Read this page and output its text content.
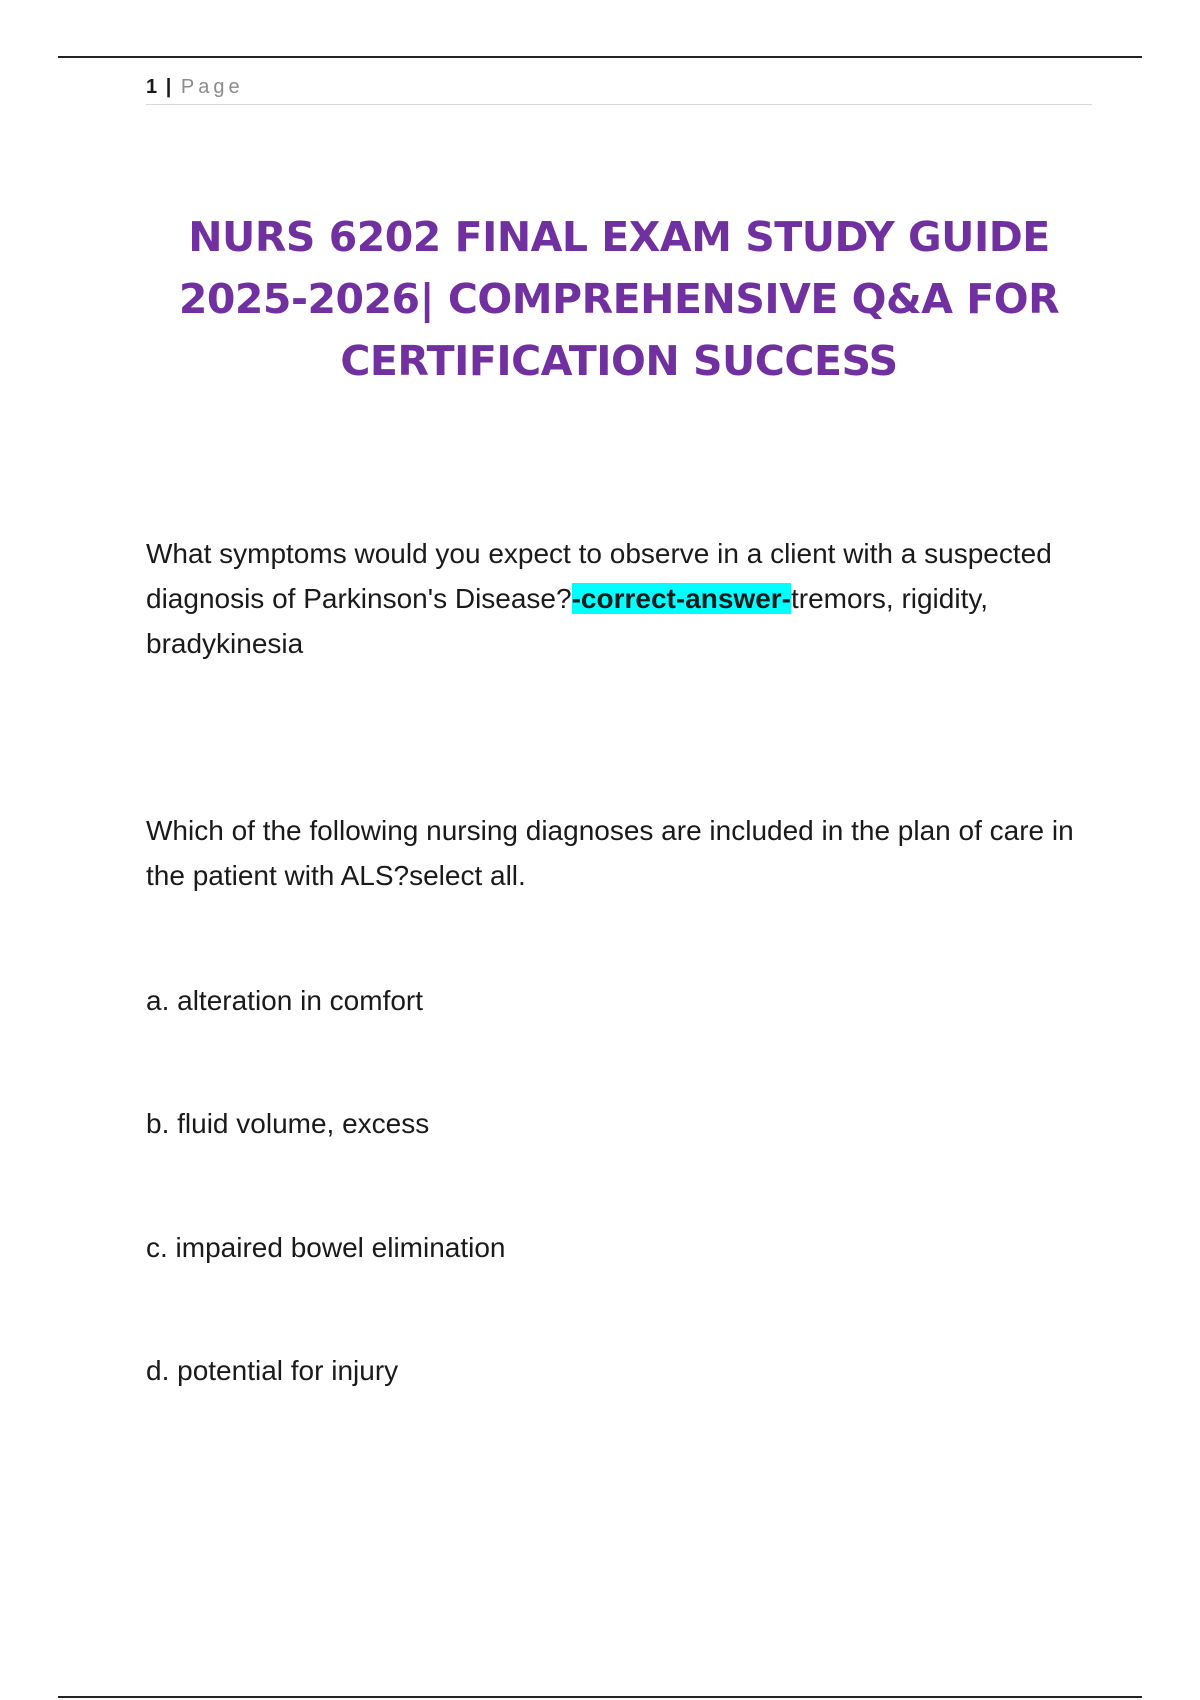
1 | Page
NURS 6202 FINAL EXAM STUDY GUIDE 2025-2026| COMPREHENSIVE Q&A FOR CERTIFICATION SUCCESS

What symptoms would you expect to observe in a client with a suspected diagnosis of Parkinson's Disease?-correct-answer-tremors, rigidity, bradykinesia

Which of the following nursing diagnoses are included in the plan of care in the patient with ALS?select all.

a. alteration in comfort

b. fluid volume, excess

c. impaired bowel elimination

d. potential for injury
